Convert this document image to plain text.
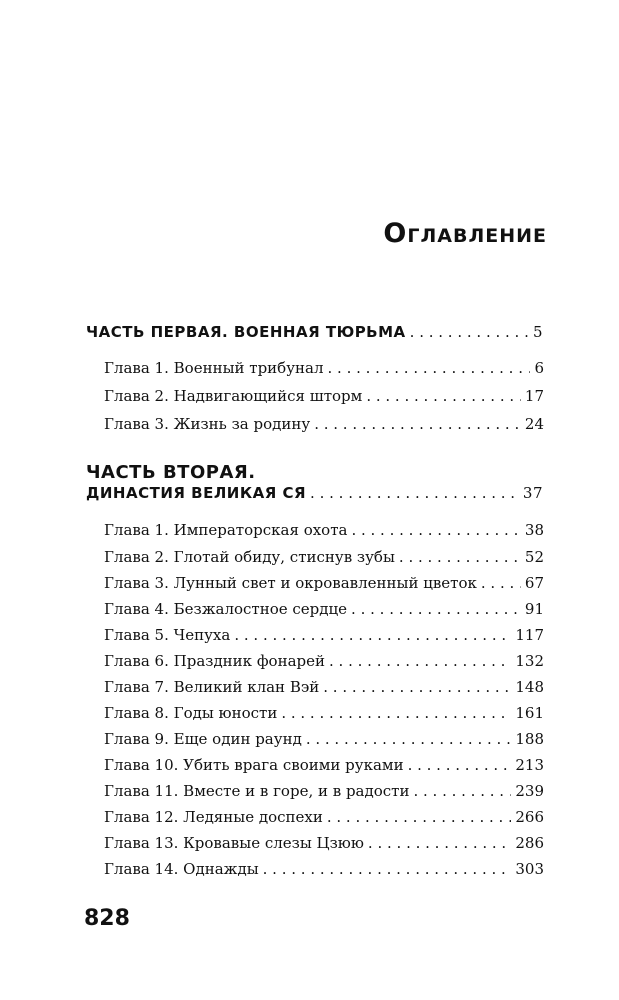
Оглавление
ЧАСТЬ ПЕРВАЯ. ВОЕННАЯ ТЮРЬМА . . .	5
Глава 1. Военный трибунал . . .	6
Глава 2. Надвигающийся шторм . . .	17
Глава 3. Жизнь за родину . . .	24
ЧАСТЬ ВТОРАЯ.
ДИНАСТИЯ ВЕЛИКАЯ СЯ . . .	37
Глава 1. Императорская охота . . .	38
Глава 2. Глотай обиду, стиснув зубы . . .	52
Глава 3. Лунный свет и окровавленный цветок . . .	67
Глава 4. Безжалостное сердце . . .	91
Глава 5. Чепуха . . .	117
Глава 6. Праздник фонарей . . .	132
Глава 7. Великий клан Вэй . . .	148
Глава 8. Годы юности . . .	161
Глава 9. Еще один раунд . . .	188
Глава 10. Убить врага своими руками . . .	213
Глава 11. Вместе и в горе, и в радости . . .	239
Глава 12. Ледяные доспехи . . .	266
Глава 13. Кровавые слезы Цзюю . . .	286
Глава 14. Однажды . . .	303
828
